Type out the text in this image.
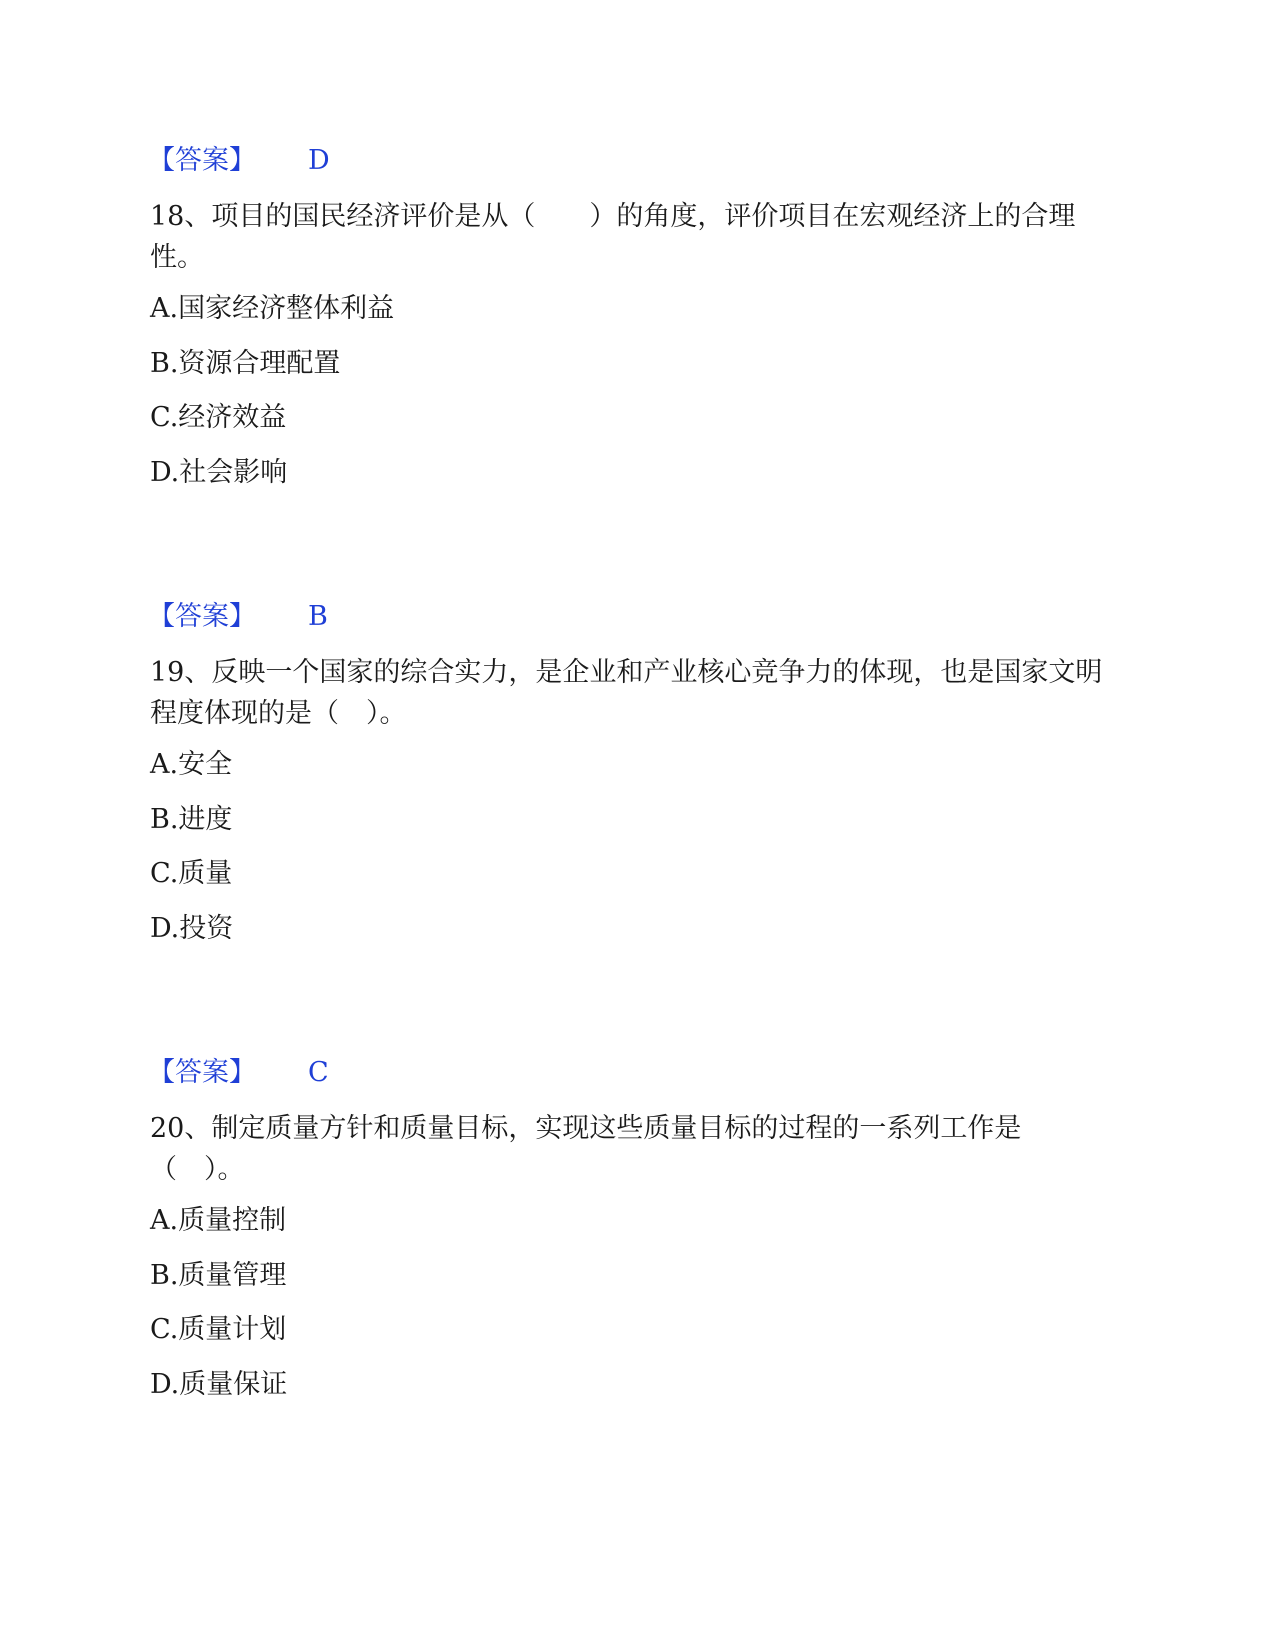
【答案】 D
18、项目的国民经济评价是从（　　）的角度，评价项目在宏观经济上的合理性。
A.国家经济整体利益
B.资源合理配置
C.经济效益
D.社会影响
【答案】 B
19、反映一个国家的综合实力，是企业和产业核心竞争力的体现，也是国家文明程度体现的是（　）。
A.安全
B.进度
C.质量
D.投资
【答案】 C
20、制定质量方针和质量目标，实现这些质量目标的过程的一系列工作是（　）。
A.质量控制
B.质量管理
C.质量计划
D.质量保证
